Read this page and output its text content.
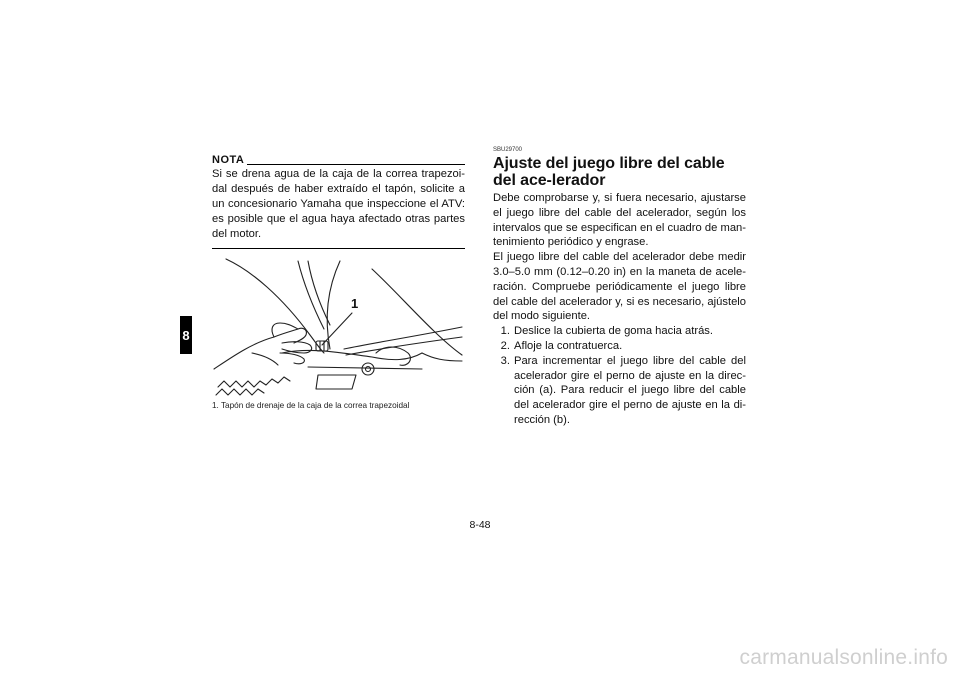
8
NOTA
Si se drena agua de la caja de la correa trapezoi-dal después de haber extraído el tapón, solicite a un concesionario Yamaha que inspeccione el ATV: es posible que el agua haya afectado otras partes del motor.
1
1. Tapón de drenaje de la caja de la correa trapezoidal
SBU29700
Ajuste del juego libre del cable del ace-lerador
Debe comprobarse y, si fuera necesario, ajustarse el juego libre del cable del acelerador, según los intervalos que se especifican en el cuadro de man-tenimiento periódico y engrase.
El juego libre del cable del acelerador debe medir 3.0–5.0 mm (0.12–0.20 in) en la maneta de acele-ración. Compruebe periódicamente el juego libre del cable del acelerador y, si es necesario, ajústelo del modo siguiente.
1. Deslice la cubierta de goma hacia atrás.
2. Afloje la contratuerca.
3. Para incrementar el juego libre del cable del acelerador gire el perno de ajuste en la direc-ción (a). Para reducir el juego libre del cable del acelerador gire el perno de ajuste en la di-rección (b).
8-48
carmanualsonline.info
